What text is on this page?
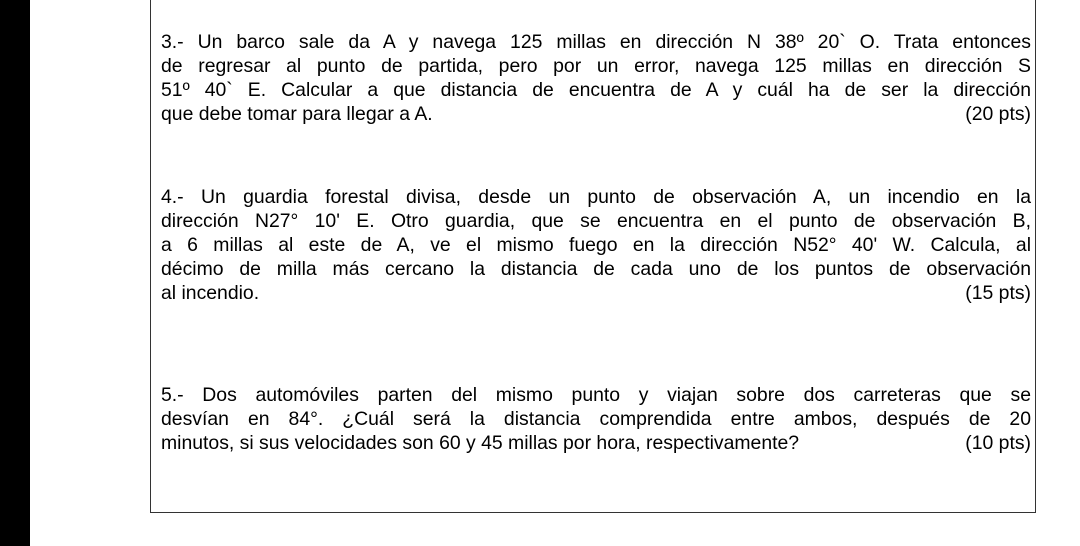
3.- Un barco sale da A y navega 125 millas en dirección N 38º 20` O. Trata entonces

de regresar al punto de partida, pero por un error, navega 125 millas en dirección S

51º 40` E. Calcular a que distancia de encuentra de A y cuál ha de ser la dirección

que debe tomar para llegar a A.	(20 pts)

4.- Un guardia forestal divisa, desde un punto de observación A, un incendio en la

dirección N27° 10' E. Otro guardia, que se encuentra en el punto de observación B,

a 6 millas al este de A, ve el mismo fuego en la dirección N52° 40' W. Calcula, al

décimo de milla más cercano la distancia de cada uno de los puntos de observación

al incendio.	(15 pts)

5.- Dos automóviles parten del mismo punto y viajan sobre dos carreteras que se

desvían en 84°. ¿Cuál será la distancia comprendida entre ambos, después de 20

minutos, si sus velocidades son 60 y 45 millas por hora, respectivamente?	(10 pts)
